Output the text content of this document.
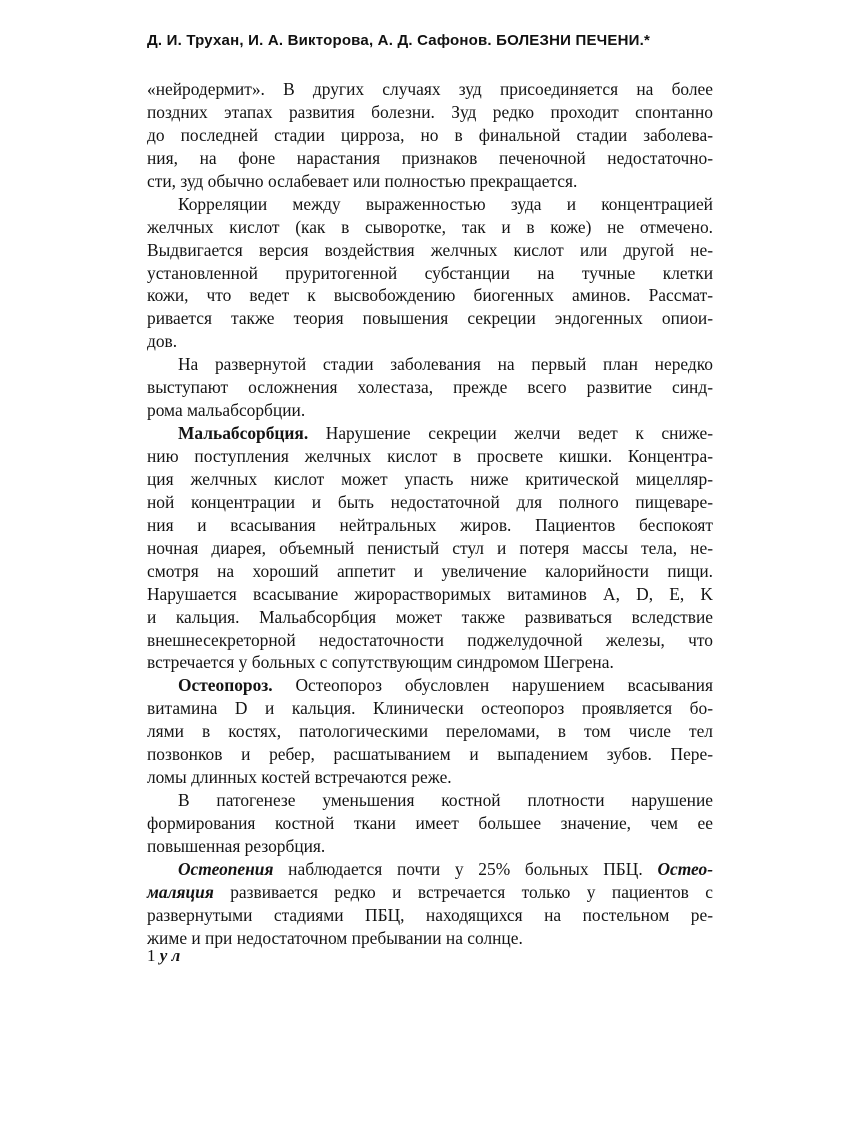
Д. И. Трухан, И. А. Викторова, А. Д. Сафонов. БОЛЕЗНИ ПЕЧЕНИ.*
«нейродермит». В других случаях зуд присоединяется на более
поздних этапах развития болезни. Зуд редко проходит спонтанно
до последней стадии цирроза, но в финальной стадии заболева-
ния, на фоне нарастания признаков печеночной недостаточно-
сти, зуд обычно ослабевает или полностью прекращается.
Корреляции между выраженностью зуда и концентрацией
желчных кислот (как в сыворотке, так и в коже) не отмечено.
Выдвигается версия воздействия желчных кислот или другой не-
установленной пруритогенной субстанции на тучные клетки
кожи, что ведет к высвобождению биогенных аминов. Рассмат-
ривается также теория повышения секреции эндогенных опиои-
дов.
На развернутой стадии заболевания на первый план нередко
выступают осложнения холестаза, прежде всего развитие синд-
рома мальабсорбции.
Мальабсорбция. Нарушение секреции желчи ведет к сниже-
нию поступления желчных кислот в просвете кишки. Концентра-
ция желчных кислот может упасть ниже критической мицелляр-
ной концентрации и быть недостаточной для полного пищеваре-
ния и всасывания нейтральных жиров. Пациентов беспокоят
ночная диарея, объемный пенистый стул и потеря массы тела, не-
смотря на хороший аппетит и увеличение калорийности пищи.
Нарушается всасывание жирорастворимых витаминов A, D, E, K
и кальция. Мальабсорбция может также развиваться вследствие
внешнесекреторной недостаточности поджелудочной железы, что
встречается у больных с сопутствующим синдромом Шегрена.
Остеопороз. Остеопороз обусловлен нарушением всасывания
витамина D и кальция. Клинически остеопороз проявляется бо-
лями в костях, патологическими переломами, в том числе тел
позвонков и ребер, расшатыванием и выпадением зубов. Пере-
ломы длинных костей встречаются реже.
В патогенезе уменьшения костной плотности нарушение
формирования костной ткани имеет большее значение, чем ее
повышенная резорбция.
Остеопения наблюдается почти у 25% больных ПБЦ. Остео-
маляция развивается редко и встречается только у пациентов с
развернутыми стадиями ПБЦ, находящихся на постельном ре-
жиме и при недостаточном пребывании на солнце.
1 у л
